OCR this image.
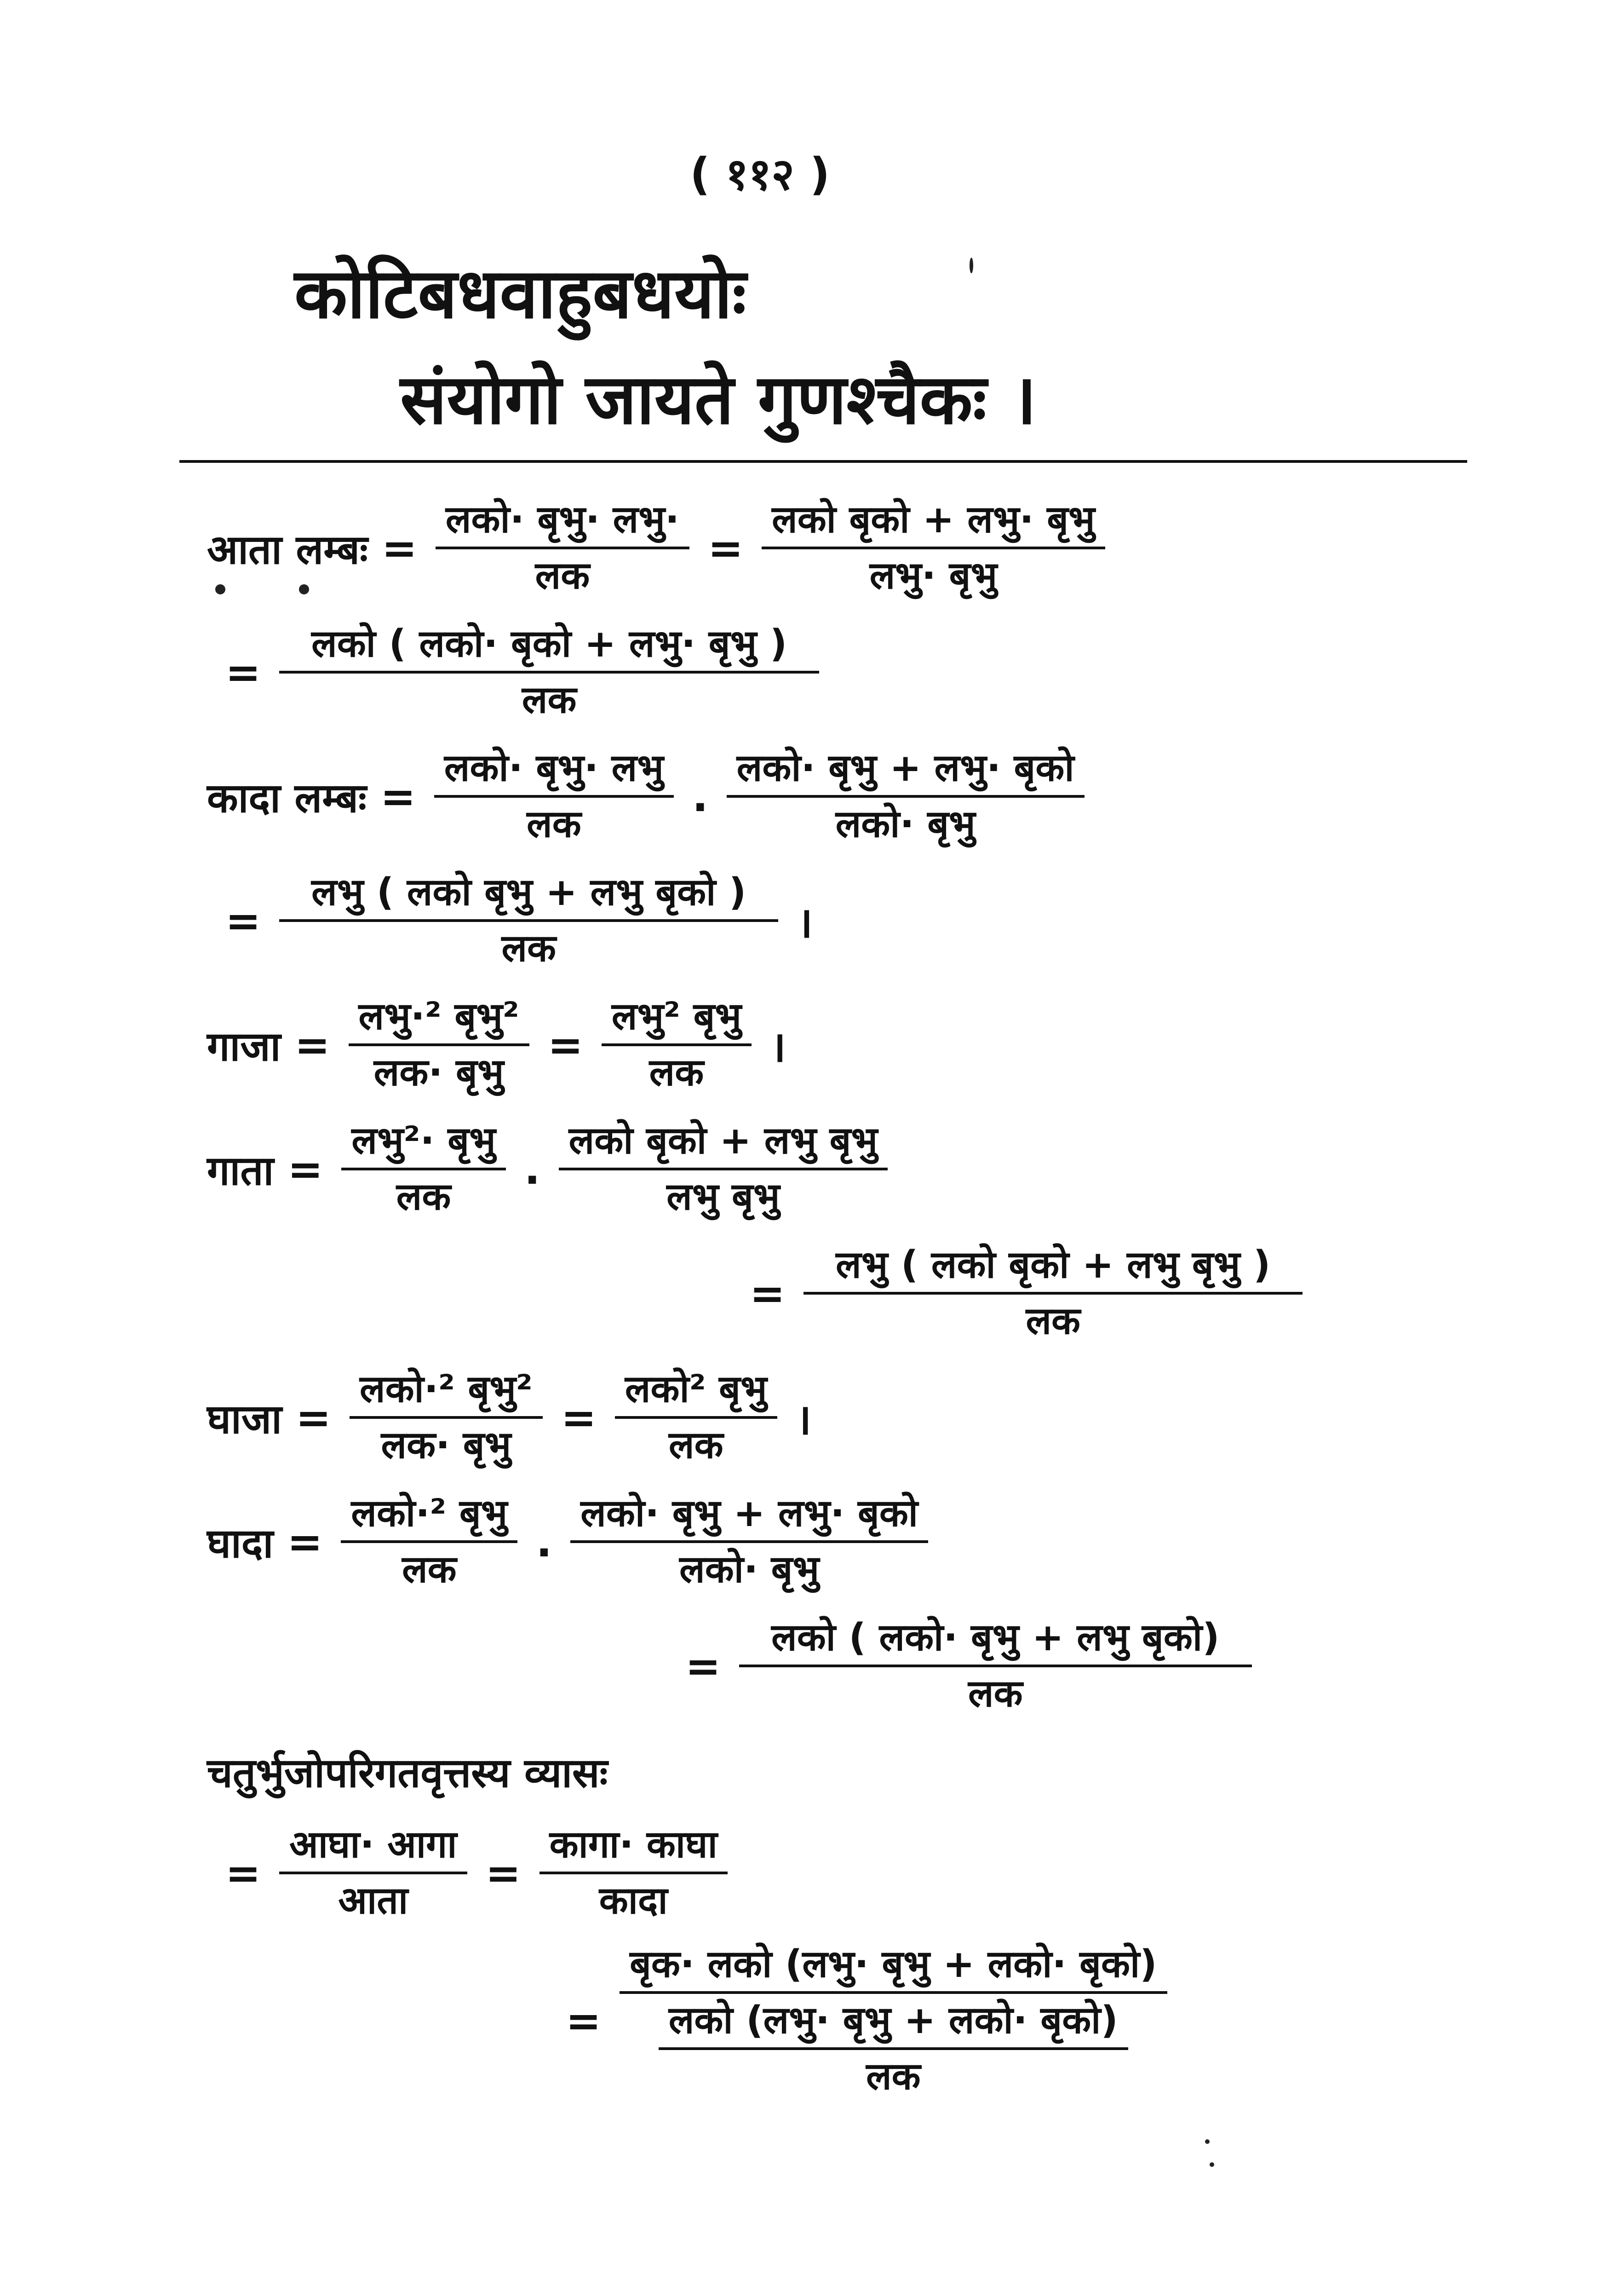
( ११२ )
कोटिबधवाहुबधयोः
संयोगो जायते गुणश्चैकः ।
आता लम्बः = $\frac{\text{लको· बृभु· लभु·}}{\text{लक}} = \frac{\text{लको बृको + लभु· बृभु}}{\text{लभु· बृभु}}$
= $\frac{\text{लको ( लको· बृको + लभु· बृभु )}}{\text{लक}}$
कादा लम्बः = $\frac{\text{लको· बृभु· लभु}}{\text{लक}}$ . $\frac{\text{लको· बृभु + लभु· बृको}}{\text{लको· बृभु}}$
= $\frac{\text{लभु ( लको बृभु + लभु बृको )}}{\text{लक}}$ ।
गाजा = $\frac{\text{लभु·² बृभु²}}{\text{लक· बृभु}} = \frac{\text{लभु² बृभु}}{\text{लक}}$ ।
गाता = $\frac{\text{लभु²· बृभु}}{\text{लक}}$ . $\frac{\text{लको बृको + लभु बृभु}}{\text{लभु बृभु}}$
= $\frac{\text{लभु ( लको बृको + लभु बृभु )}}{\text{लक}}$
घाजा = $\frac{\text{लको·² बृभु²}}{\text{लक· बृभु}} = \frac{\text{लको² बृभु}}{\text{लक}}$ ।
घादा = $\frac{\text{लको·² बृभु}}{\text{लक}}$ . $\frac{\text{लको· बृभु + लभु· बृको}}{\text{लको· बृभु}}$
= $\frac{\text{लको ( लको· बृभु + लभु बृको)}}{\text{लक}}$
चतुर्भुजोपरिगतवृत्तस्य व्यासः
= $\frac{\text{आघा· आगा}}{\text{आता}} = \frac{\text{कागा· काघा}}{\text{कादा}}$
= $\frac{\text{बृक· लको (लभु· बृभु + लको· बृको)}}{\frac{\text{लको (लभु· बृभु + लको· बृको)}}{\text{लक}}}$
